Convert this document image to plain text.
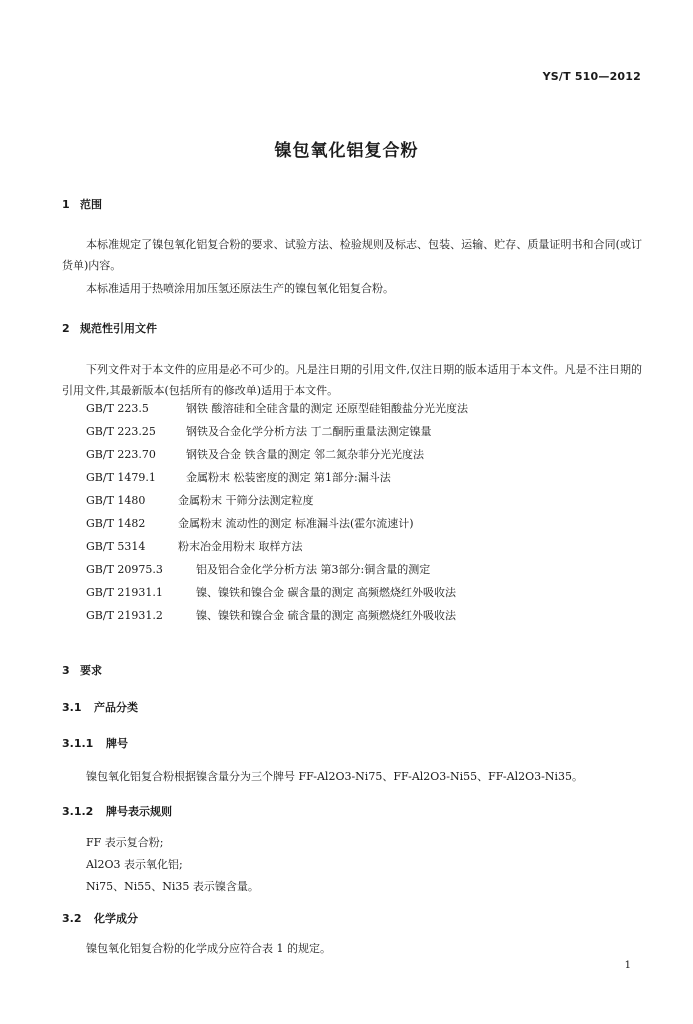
YS/T 510—2012
镍包氧化铝复合粉
1 范围

本标准规定了镍包氧化铝复合粉的要求、试验方法、检验规则及标志、包装、运输、贮存、质量证明书和合同(或订货单)内容。

本标准适用于热喷涂用加压氢还原法生产的镍包氧化铝复合粉。

2 规范性引用文件

下列文件对于本文件的应用是必不可少的。凡是注日期的引用文件,仅注日期的版本适用于本文件。凡是不注日期的引用文件,其最新版本(包括所有的修改单)适用于本文件。

GB/T 223.5	钢铁 酸溶硅和全硅含量的测定 还原型硅钼酸盐分光光度法
GB/T 223.25	钢铁及合金化学分析方法 丁二酮肟重量法测定镍量
GB/T 223.70	钢铁及合金 铁含量的测定 邻二氮杂菲分光光度法
GB/T 1479.1	金属粉末 松装密度的测定 第1部分:漏斗法
GB/T 1480	金属粉末 干筛分法测定粒度
GB/T 1482	金属粉末 流动性的测定 标准漏斗法(霍尔流速计)
GB/T 5314	粉末冶金用粉末 取样方法
GB/T 20975.3	铝及铝合金化学分析方法 第3部分:铜含量的测定
GB/T 21931.1	镍、镍铁和镍合金 碳含量的测定 高频燃烧红外吸收法
GB/T 21931.2	镍、镍铁和镍合金 硫含量的测定 高频燃烧红外吸收法
3 要求
3.1 产品分类
3.1.1 牌号
镍包氧化铝复合粉根据镍含量分为三个牌号 FF-Al2O3-Ni75、FF-Al2O3-Ni55、FF-Al2O3-Ni35。
3.1.2 牌号表示规则
FF 表示复合粉;
Al2O3 表示氧化铝;
Ni75、Ni55、Ni35 表示镍含量。
3.2 化学成分
镍包氧化铝复合粉的化学成分应符合表 1 的规定。
1
